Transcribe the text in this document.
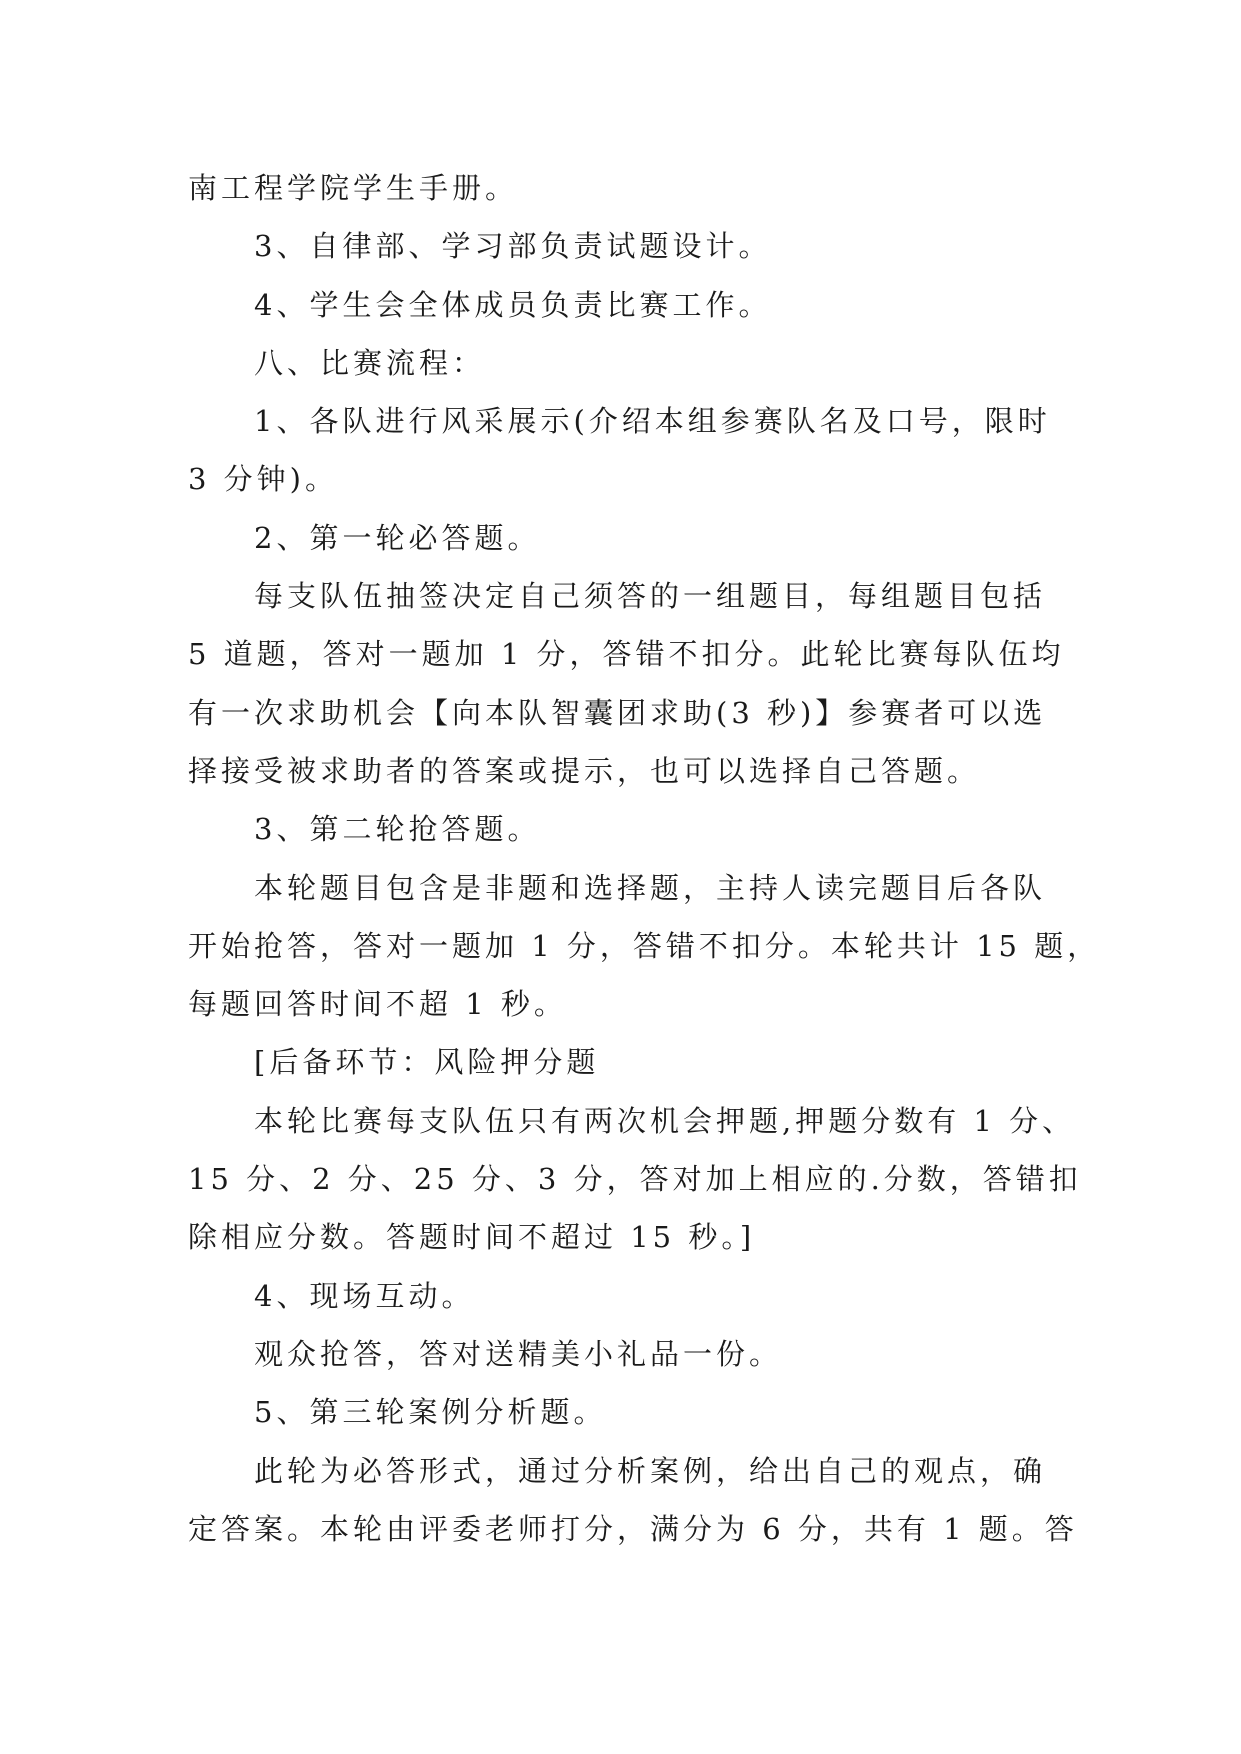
南工程学院学生手册。
3、自律部、学习部负责试题设计。
4、学生会全体成员负责比赛工作。
八、比赛流程：
1、各队进行风采展示(介绍本组参赛队名及口号，限时
3 分钟)。
2、第一轮必答题。
每支队伍抽签决定自己须答的一组题目，每组题目包括
5 道题，答对一题加 1 分，答错不扣分。此轮比赛每队伍均
有一次求助机会【向本队智囊团求助(3 秒)】参赛者可以选
择接受被求助者的答案或提示，也可以选择自己答题。
3、第二轮抢答题。
本轮题目包含是非题和选择题，主持人读完题目后各队
开始抢答，答对一题加 1 分，答错不扣分。本轮共计 15 题，
每题回答时间不超 1 秒。
[后备环节：风险押分题
本轮比赛每支队伍只有两次机会押题,押题分数有 1 分、
15 分、2 分、25 分、3 分，答对加上相应的.分数，答错扣
除相应分数。答题时间不超过 15 秒。]
4、现场互动。
观众抢答，答对送精美小礼品一份。
5、第三轮案例分析题。
此轮为必答形式，通过分析案例，给出自己的观点，确
定答案。本轮由评委老师打分，满分为 6 分，共有 1 题。答
